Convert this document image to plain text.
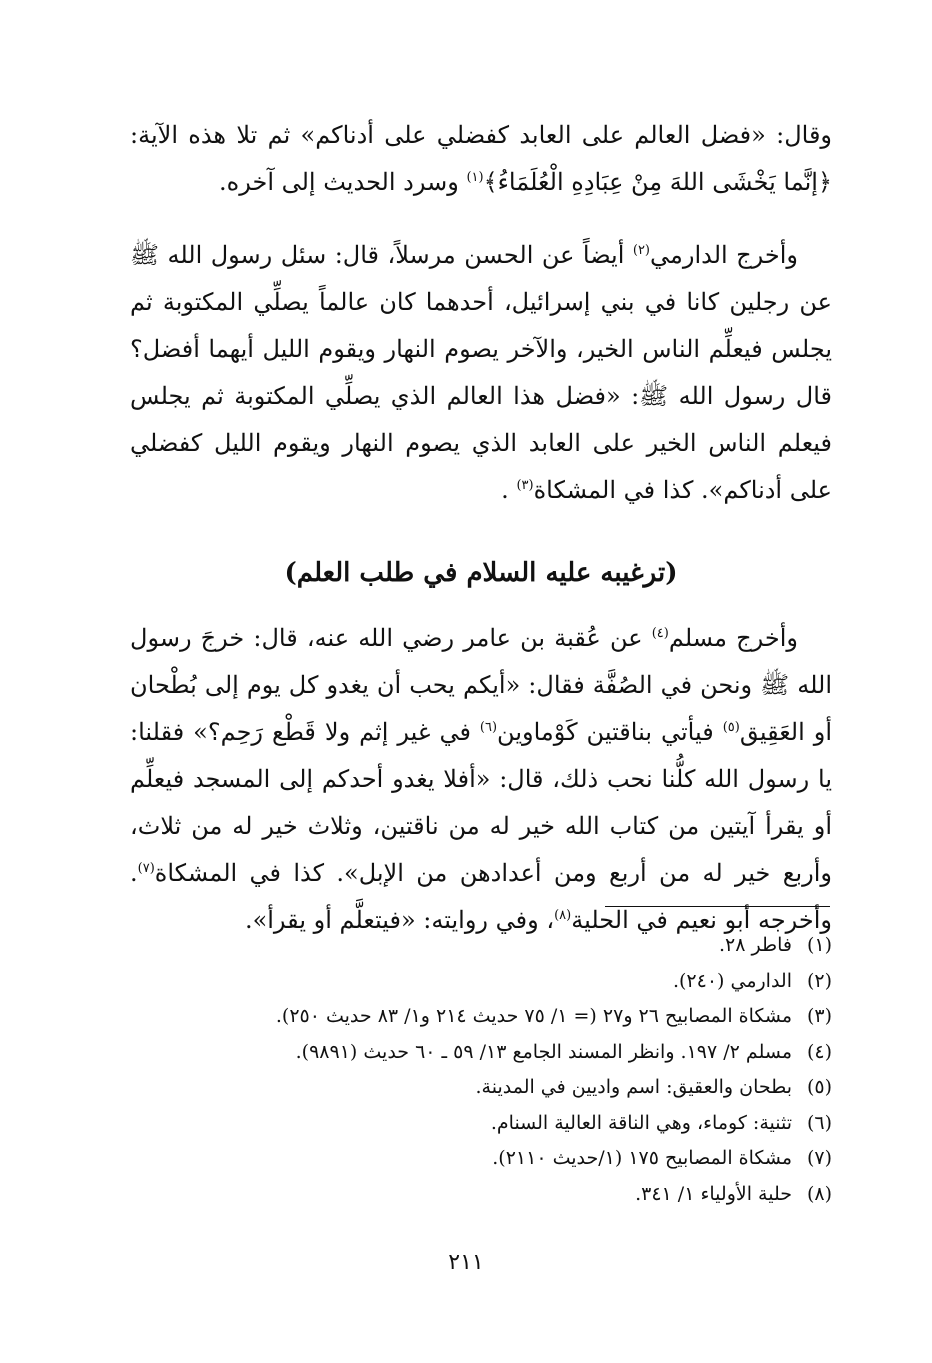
وقال: «فضل العالم على العابد كفضلي على أدناكم» ثم تلا هذه الآية: ﴿إنَّما يَخْشَى اللهَ مِنْ عِبَادِهِ الْعُلَمَاءُ﴾$^{(١)}$ وسرد الحديث إلى آخره.

وأخرج الدارمي$^{(٢)}$ أيضاً عن الحسن مرسلاً، قال: سئل رسول الله ﷺ عن رجلين كانا في بني إسرائيل، أحدهما كان عالماً يصلِّي المكتوبة ثم يجلس فيعلِّم الناس الخير، والآخر يصوم النهار ويقوم الليل أيهما أفضل؟ قال رسول الله ﷺ: «فضل هذا العالم الذي يصلِّي المكتوبة ثم يجلس فيعلم الناس الخير على العابد الذي يصوم النهار ويقوم الليل كفضلي على أدناكم». كذا في المشكاة$^{(٣)}$ .

(ترغيبه عليه السلام في طلب العلم)

وأخرج مسلم$^{(٤)}$ عن عُقبة بن عامر رضي الله عنه، قال: خرجَ رسول الله ﷺ ونحن في الصُفَّة فقال: «أيكم يحب أن يغدو كل يوم إلى بُطْحان أو العَقِيق$^{(٥)}$ فيأتي بناقتين كَوْماوين$^{(٦)}$ في غير إثم ولا قَطْع رَحِم؟» فقلنا: يا رسول الله كلُّنا نحب ذلك، قال: «أفلا يغدو أحدكم إلى المسجد فيعلِّم أو يقرأ آيتين من كتاب الله خير له من ناقتين، وثلاث خير له من ثلاث، وأربع خير له من أربع ومن أعدادهن من الإبل». كذا في المشكاة$^{(٧)}$. وأخرجه أبو نعيم في الحلية$^{(٨)}$، وفي روايته: «فيتعلَّم أو يقرأ».

(١)
فاطر ٢٨.
(٢)
الدارمي (٢٤٠).
(٣)
مشكاة المصابيح ٢٦ و٢٧ (= ١/ ٧٥ حديث ٢١٤ و١/ ٨٣ حديث ٢٥٠).
(٤)
مسلم ٢/ ١٩٧. وانظر المسند الجامع ١٣/ ٥٩ ـ ٦٠ حديث (٩٨٩١).
(٥)
بطحان والعقيق: اسم واديين في المدينة.
(٦)
تثنية: كوماء، وهي الناقة العالية السنام.
(٧)
مشكاة المصابيح ١٧٥ (١/حديث ٢١١٠).
(٨)
حلية الأولياء ١/ ٣٤١.
٢١١
